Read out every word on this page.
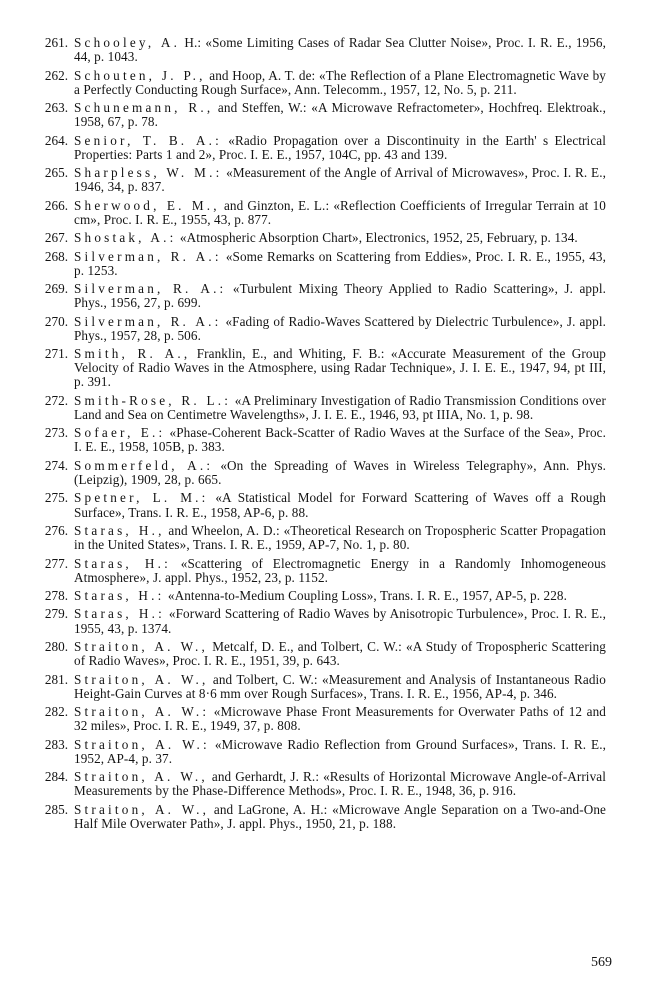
261. Schooley, A. H.: «Some Limiting Cases of Radar Sea Clutter Noise», Proc. I. R. E., 1956, 44, p. 1043.
262. Schouten, J. P., and Hoop, A. T. de: «The Reflection of a Plane Electromagnetic Wave by a Perfectly Conducting Rough Surface», Ann. Telecomm., 1957, 12, No. 5, p. 211.
263. Schunemann, R., and Steffen, W.: «A Microwave Refractometer», Hochfreq. Elektroak., 1958, 67, p. 78.
264. Senior, T. B. A.: «Radio Propagation over a Discontinuity in the Earth' s Electrical Properties: Parts 1 and 2», Proc. I. E. E., 1957, 104C, pp. 43 and 139.
265. Sharpless, W. M.: «Measurement of the Angle of Arrival of Microwaves», Proc. I. R. E., 1946, 34, p. 837.
266. Sherwood, E. M., and Ginzton, E. L.: «Reflection Coefficients of Irregular Terrain at 10 cm», Proc. I. R. E., 1955, 43, p. 877.
267. Shostak, A.: «Atmospheric Absorption Chart», Electronics, 1952, 25, February, p. 134.
268. Silverman, R. A.: «Some Remarks on Scattering from Eddies», Proc. I. R. E., 1955, 43, p. 1253.
269. Silverman, R. A.: «Turbulent Mixing Theory Applied to Radio Scattering», J. appl. Phys., 1956, 27, p. 699.
270. Silverman, R. A.: «Fading of Radio-Waves Scattered by Dielectric Turbulence», J. appl. Phys., 1957, 28, p. 506.
271. Smith, R. A., Franklin, E., and Whiting, F. B.: «Accurate Measurement of the Group Velocity of Radio Waves in the Atmosphere, using Radar Technique», J. I. E. E., 1947, 94, pt III, p. 391.
272. Smith-Rose, R. L.: «A Preliminary Investigation of Radio Transmission Conditions over Land and Sea on Centimetre Wavelengths», J. I. E. E., 1946, 93, pt IIIA, No. 1, p. 98.
273. Sofaer, E.: «Phase-Coherent Back-Scatter of Radio Waves at the Surface of the Sea», Proc. I. E. E., 1958, 105B, p. 383.
274. Sommerfeld, A.: «On the Spreading of Waves in Wireless Telegraphy», Ann. Phys. (Leipzig), 1909, 28, p. 665.
275. Spetner, L. M.: «A Statistical Model for Forward Scattering of Waves off a Rough Surface», Trans. I. R. E., 1958, AP-6, p. 88.
276. Staras, H., and Wheelon, A. D.: «Theoretical Research on Tropospheric Scatter Propagation in the United States», Trans. I. R. E., 1959, AP-7, No. 1, p. 80.
277. Staras, H.: «Scattering of Electromagnetic Energy in a Randomly Inhomogeneous Atmosphere», J. appl. Phys., 1952, 23, p. 1152.
278. Staras, H.: «Antenna-to-Medium Coupling Loss», Trans. I. R. E., 1957, AP-5, p. 228.
279. Staras, H.: «Forward Scattering of Radio Waves by Anisotropic Turbulence», Proc. I. R. E., 1955, 43, p. 1374.
280. Straiton, A. W., Metcalf, D. E., and Tolbert, C. W.: «A Study of Tropospheric Scattering of Radio Waves», Proc. I. R. E., 1951, 39, p. 643.
281. Straiton, A. W., and Tolbert, C. W.: «Measurement and Analysis of Instantaneous Radio Height-Gain Curves at 8·6 mm over Rough Surfaces», Trans. I. R. E., 1956, AP-4, p. 346.
282. Straiton, A. W.: «Microwave Phase Front Measurements for Overwater Paths of 12 and 32 miles», Proc. I. R. E., 1949, 37, p. 808.
283. Straiton, A. W.: «Microwave Radio Reflection from Ground Surfaces», Trans. I. R. E., 1952, AP-4, p. 37.
284. Straiton, A. W., and Gerhardt, J. R.: «Results of Horizontal Microwave Angle-of-Arrival Measurements by the Phase-Difference Methods», Proc. I. R. E., 1948, 36, p. 916.
285. Straiton, A. W., and LaGrone, A. H.: «Microwave Angle Separation on a Two-and-One Half Mile Overwater Path», J. appl. Phys., 1950, 21, p. 188.
569
